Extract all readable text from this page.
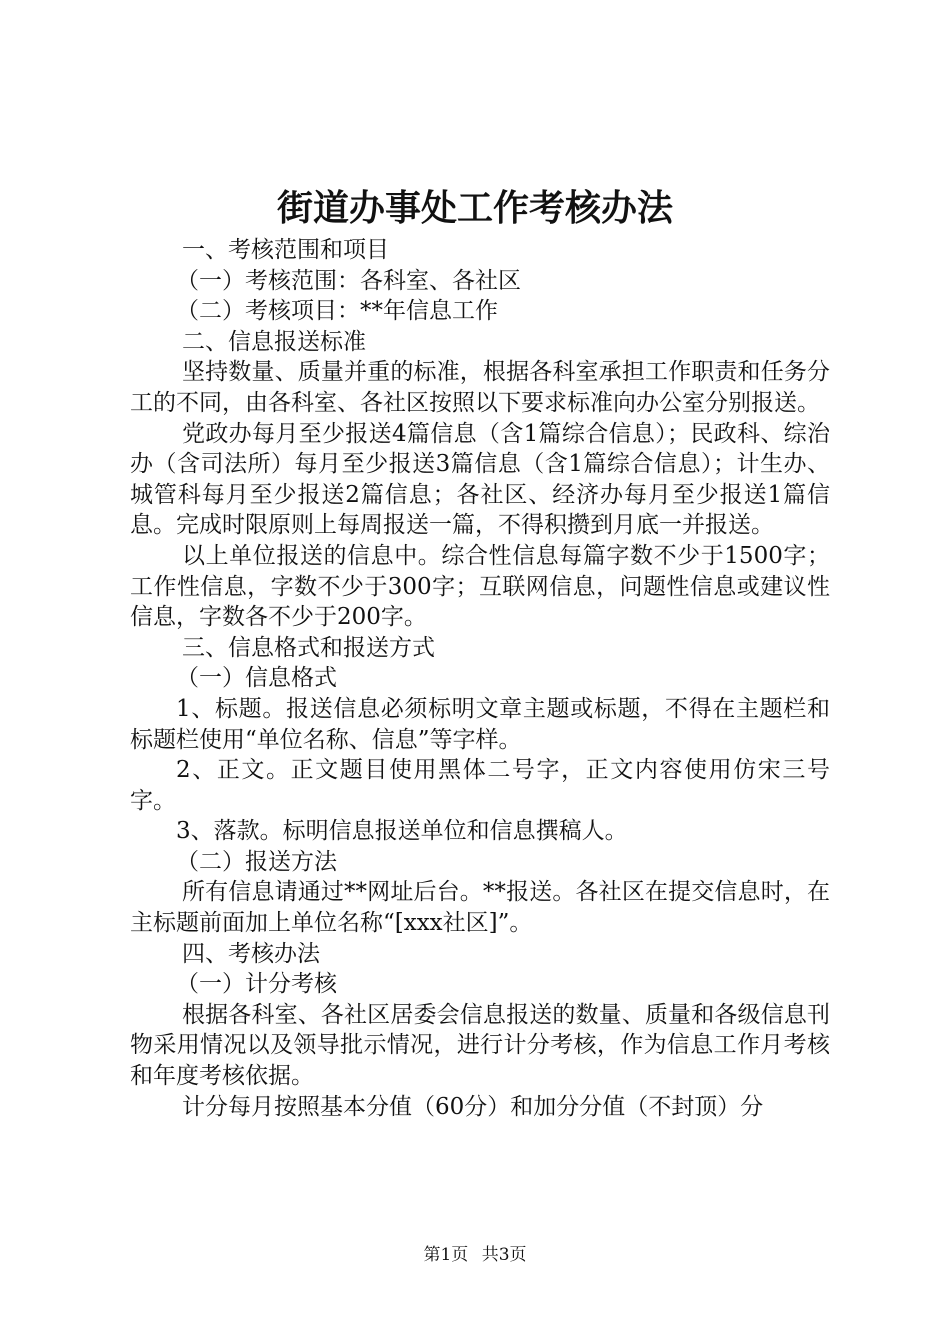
街道办事处工作考核办法

一、考核范围和项目

（一）考核范围：各科室、各社区

（二）考核项目：**年信息工作

二、信息报送标准

坚持数量、质量并重的标准，根据各科室承担工作职责和任务分工的不同，由各科室、各社区按照以下要求标准向办公室分别报送。

党政办每月至少报送4篇信息（含1篇综合信息）；民政科、综治办（含司法所）每月至少报送3篇信息（含1篇综合信息）；计生办、城管科每月至少报送2篇信息；各社区、经济办每月至少报送1篇信息。完成时限原则上每周报送一篇，不得积攒到月底一并报送。

以上单位报送的信息中。综合性信息每篇字数不少于1500字；工作性信息，字数不少于300字；互联网信息，问题性信息或建议性信息，字数各不少于200字。

三、信息格式和报送方式

（一）信息格式

1、标题。报送信息必须标明文章主题或标题，不得在主题栏和标题栏使用“单位名称、信息”等字样。

2、正文。正文题目使用黑体二号字，正文内容使用仿宋三号字。

3、落款。标明信息报送单位和信息撰稿人。

（二）报送方法

所有信息请通过**网址后台。**报送。各社区在提交信息时，在主标题前面加上单位名称“[xxx社区]”。

四、考核办法

（一）计分考核

根据各科室、各社区居委会信息报送的数量、质量和各级信息刊物采用情况以及领导批示情况，进行计分考核，作为信息工作月考核和年度考核依据。

计分每月按照基本分值（60分）和加分分值（不封顶）分

第1页 共3页
